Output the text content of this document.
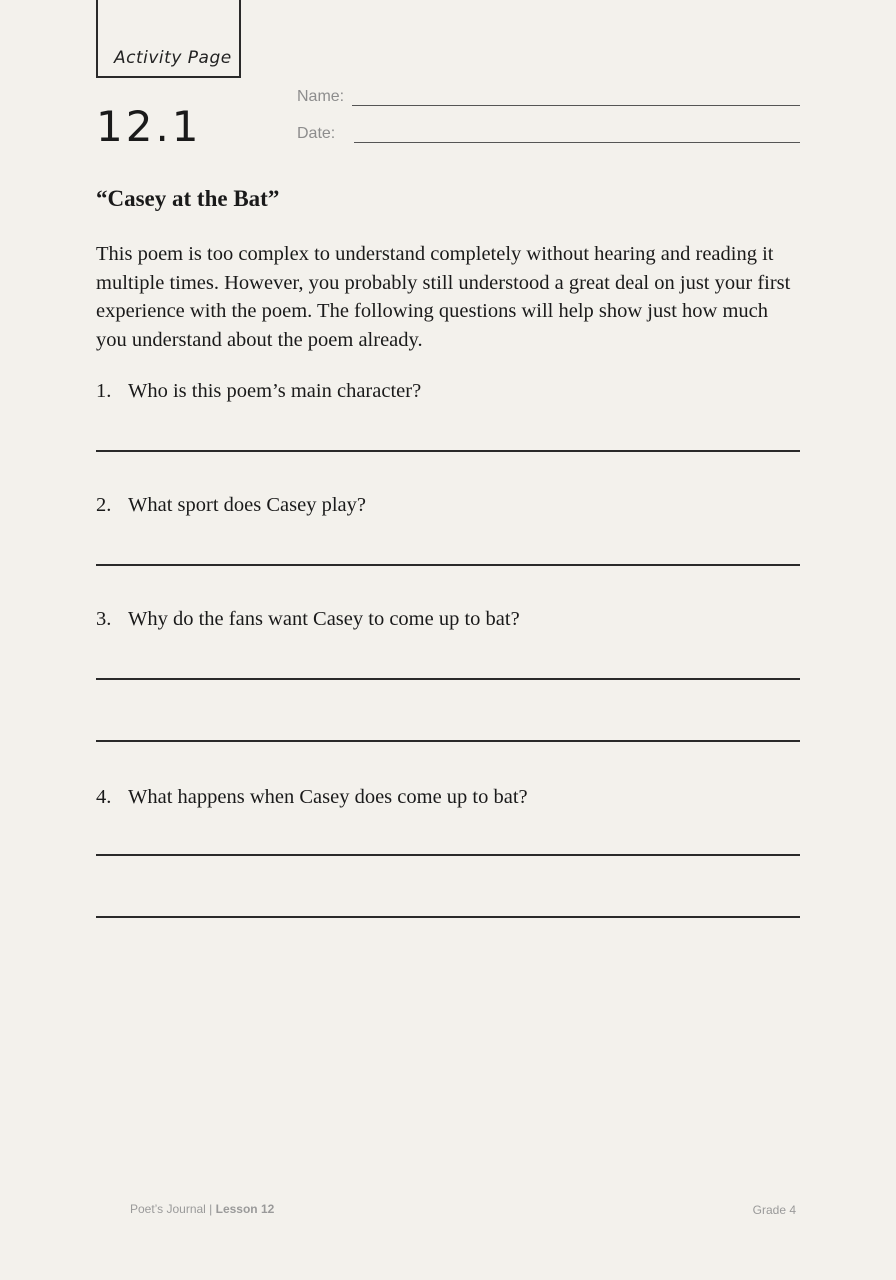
Activity Page
12.1
Name:
Date:
“Casey at the Bat”

This poem is too complex to understand completely without hearing and reading it multiple times. However, you probably still understood a great deal on just your first experience with the poem. The following questions will help show just how much you understand about the poem already.

1. Who is this poem’s main character?
2. What sport does Casey play?
3. Why do the fans want Casey to come up to bat?
4. What happens when Casey does come up to bat?
Poet’s Journal | Lesson 12	Grade 4
